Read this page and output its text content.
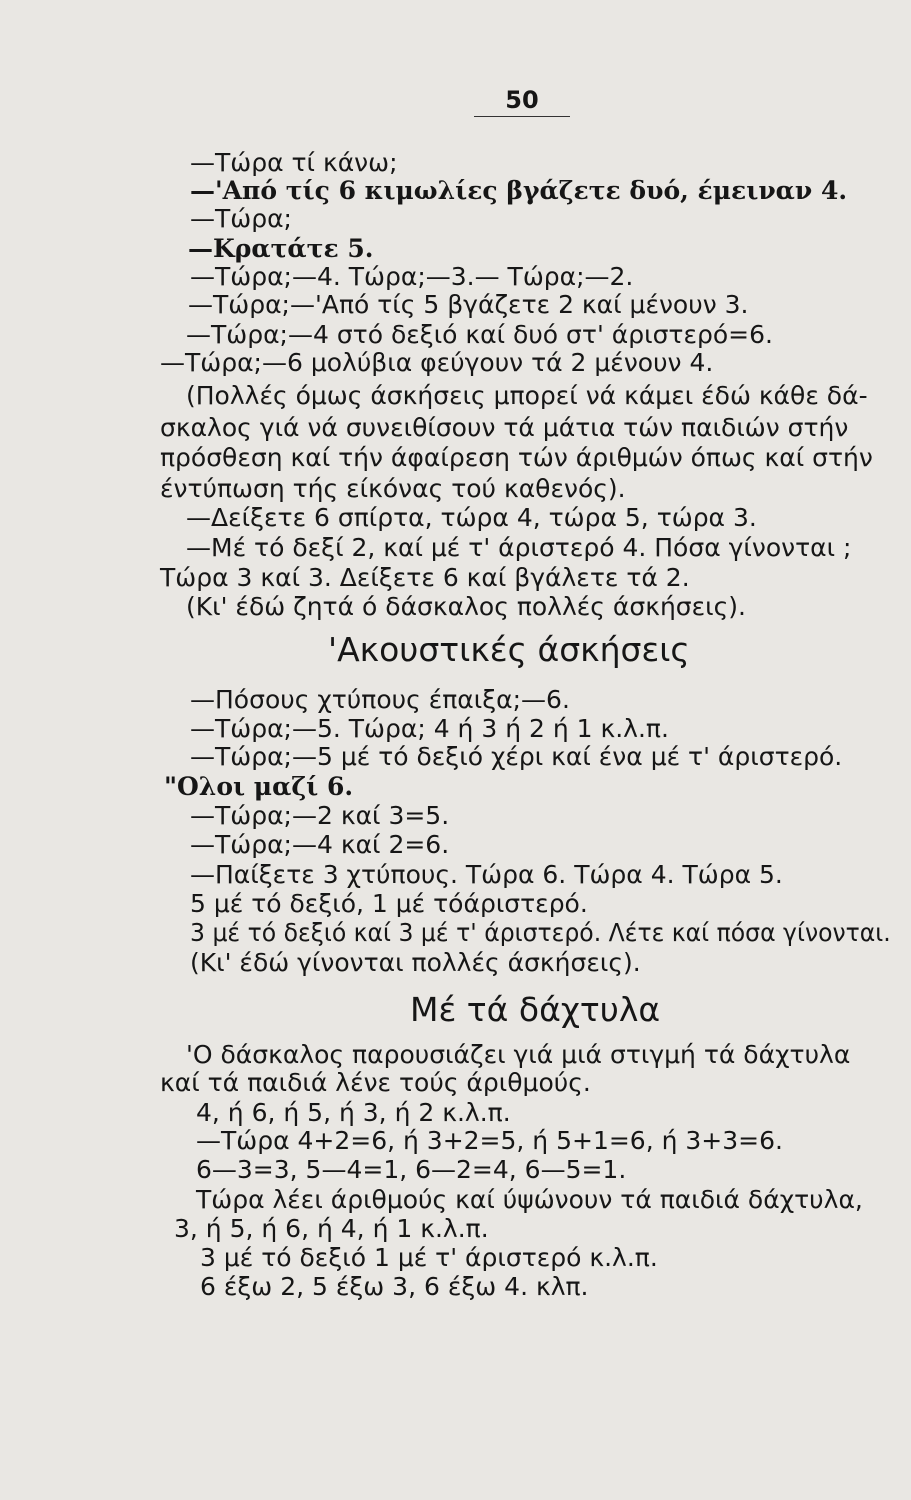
50
—Τώρα τί κάνω;
—'Από τίς 6 κιμωλίες βγάζετε δυό, έμειναν 4.
—Τώρα;
—Κρατάτε 5.
—Τώρα;—4. Τώρα;—3.— Τώρα;—2.
—Τώρα;—'Από τίς 5 βγάζετε 2 καί μένουν 3.
—Τώρα;—4 στό δεξιό καί δυό στ' άριστερό=6.
—Τώρα;—6 μολύβια φεύγουν τά 2 μένουν 4.
(Πολλές όμως άσκήσεις μπορεί νά κάμει έδώ κάθε δά-
σκαλος γιά νά συνειθίσουν τά μάτια τών παιδιών στήν
πρόσθεση καί τήν άφαίρεση τών άριθμών όπως καί στήν
έντύπωση τής είκόνας τού καθενός).
—Δείξετε 6 σπίρτα, τώρα 4, τώρα 5, τώρα 3.
—Μέ τό δεξί 2, καί μέ τ' άριστερό 4. Πόσα γίνονται ;
Τώρα 3 καί 3. Δείξετε 6 καί βγάλετε τά 2.
(Κι' έδώ ζητά ό δάσκαλος πολλές άσκήσεις).
'Ακουστικές άσκήσεις
—Πόσους χτύπους έπαιξα;—6.
—Τώρα;—5. Τώρα; 4 ή 3 ή 2 ή 1 κ.λ.π.
—Τώρα;—5 μέ τό δεξιό χέρι καί ένα μέ τ' άριστερό.
"Ολοι μαζί 6.
—Τώρα;—2 καί 3=5.
—Τώρα;—4 καί 2=6.
—Παίξετε 3 χτύπους. Τώρα 6. Τώρα 4. Τώρα 5.
5 μέ τό δεξιό, 1 μέ τόάριστερό.
3 μέ τό δεξιό καί 3 μέ τ' άριστερό. Λέτε καί πόσα γίνονται.
(Κι' έδώ γίνονται πολλές άσκήσεις).
Μέ τά δάχτυλα
'Ο δάσκαλος παρουσιάζει γιά μιά στιγμή τά δάχτυλα
καί τά παιδιά λένε τούς άριθμούς.
4, ή 6, ή 5, ή 3, ή 2 κ.λ.π.
—Τώρα 4+2=6, ή 3+2=5, ή 5+1=6, ή 3+3=6.
6—3=3, 5—4=1, 6—2=4, 6—5=1.
Τώρα λέει άριθμούς καί ύψώνουν τά παιδιά δάχτυλα,
3, ή 5, ή 6, ή 4, ή 1 κ.λ.π.
3 μέ τό δεξιό 1 μέ τ' άριστερό κ.λ.π.
6 έξω 2, 5 έξω 3, 6 έξω 4. κλπ.
